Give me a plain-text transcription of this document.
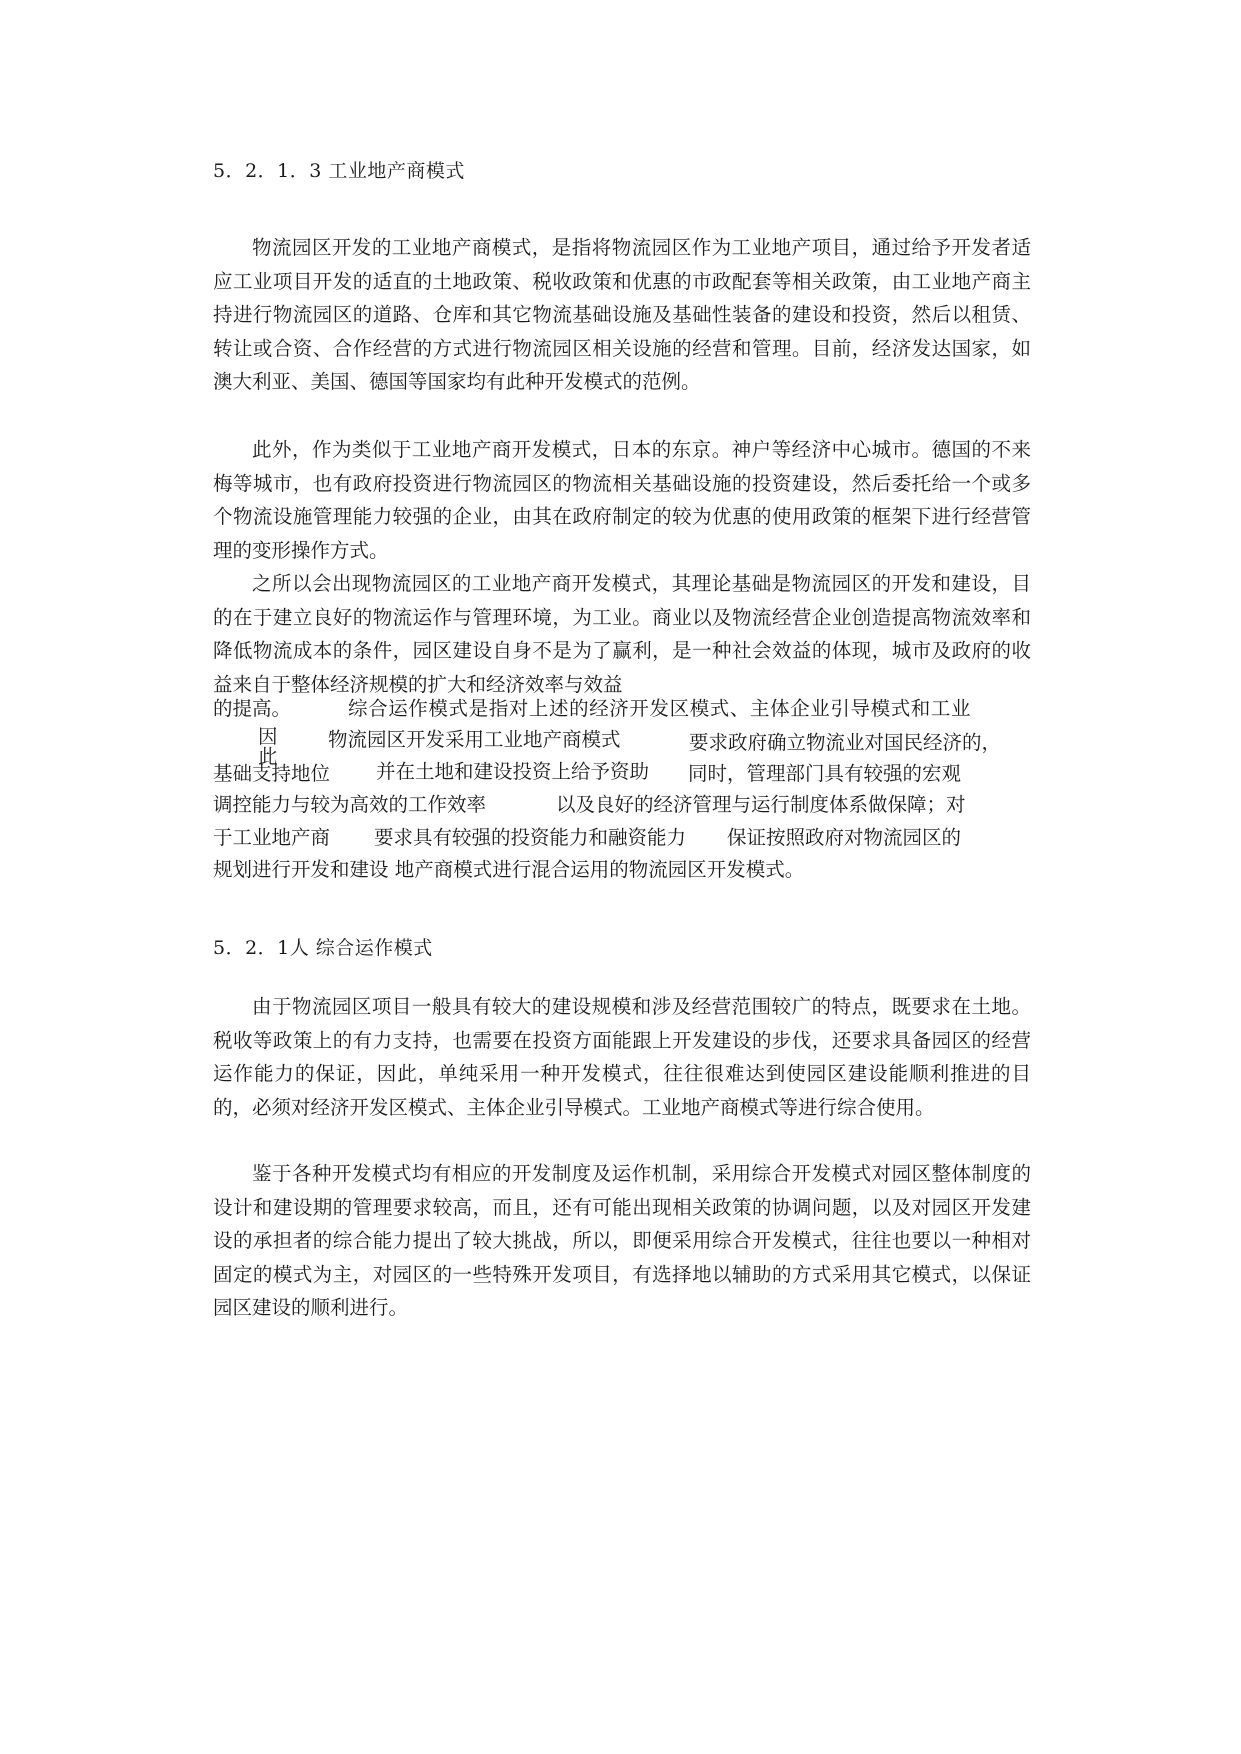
5．2．1．3 工业地产商模式

物流园区开发的工业地产商模式，是指将物流园区作为工业地产项目，通过给予开发者适应工业项目开发的适直的土地政策、税收政策和优惠的市政配套等相关政策，由工业地产商主持进行物流园区的道路、仓库和其它物流基础设施及基础性装备的建设和投资，然后以租赁、转让或合资、合作经营的方式进行物流园区相关设施的经营和管理。目前，经济发达国家，如澳大利亚、美国、德国等国家均有此种开发模式的范例。

此外，作为类似于工业地产商开发模式，日本的东京。神户等经济中心城市。德国的不来梅等城市，也有政府投资进行物流园区的物流相关基础设施的投资建设，然后委托给一个或多个物流设施管理能力较强的企业，由其在政府制定的较为优惠的使用政策的框架下进行经营管理的变形操作方式。

之所以会出现物流园区的工业地产商开发模式，其理论基础是物流园区的开发和建设，目的在于建立良好的物流运作与管理环境，为工业。商业以及物流经营企业创造提高物流效率和降低物流成本的条件，园区建设自身不是为了赢利，是一种社会效益的体现，城市及政府的收益来自于整体经济规模的扩大和经济效率与效益

的提高。	综合运作模式是指对上述的经济开发区模式、主体企业引导模式和工业
因	物流园区开发采用工业地产商模式	要求政府确立物流业对国民经济的，
此
基础支持地位 并在土地和建设投资上给予资助 同时，管理部门具有较强的宏观
调控能力与较为高效的工作效率	以及良好的经济管理与运行制度体系做保障；对
于工业地产商 要求具有较强的投资能力和融资能力 保证按照政府对物流园区的
规划进行开发和建设 地产商模式进行混合运用的物流园区开发模式。
5．2．1人 综合运作模式

由于物流园区项目一般具有较大的建设规模和涉及经营范围较广的特点，既要求在土地。税收等政策上的有力支持，也需要在投资方面能跟上开发建设的步伐，还要求具备园区的经营运作能力的保证，因此，单纯采用一种开发模式，往往很难达到使园区建设能顺利推进的目的，必须对经济开发区模式、主体企业引导模式。工业地产商模式等进行综合使用。

鉴于各种开发模式均有相应的开发制度及运作机制，采用综合开发模式对园区整体制度的设计和建设期的管理要求较高，而且，还有可能出现相关政策的协调问题，以及对园区开发建设的承担者的综合能力提出了较大挑战，所以，即便采用综合开发模式，往往也要以一种相对固定的模式为主，对园区的一些特殊开发项目，有选择地以辅助的方式采用其它模式，以保证园区建设的顺利进行。
